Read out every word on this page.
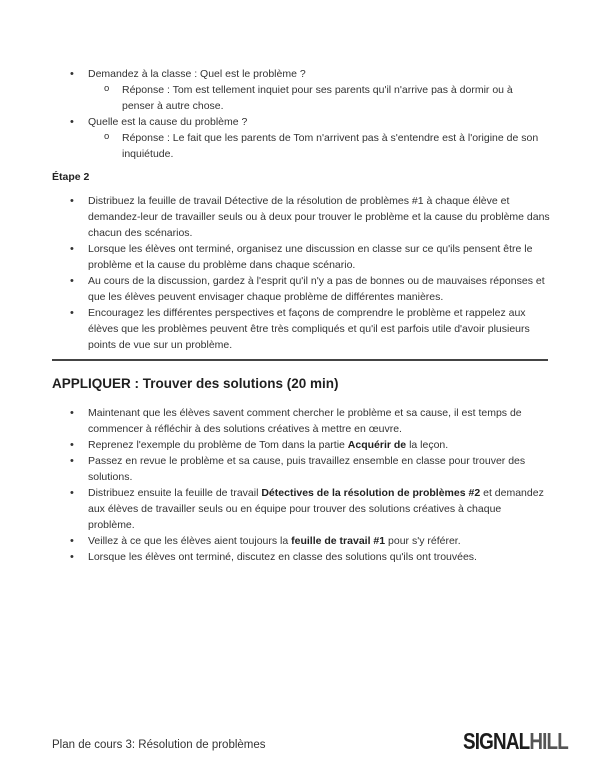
• Demandez à la classe : Quel est le problème ?
o Réponse : Tom est tellement inquiet pour ses parents qu'il n'arrive pas à dormir ou à penser à autre chose.
• Quelle est la cause du problème ?
o Réponse : Le fait que les parents de Tom n'arrivent pas à s'entendre est à l'origine de son inquiétude.
Étape 2
• Distribuez la feuille de travail Détective de la résolution de problèmes #1 à chaque élève et demandez-leur de travailler seuls ou à deux pour trouver le problème et la cause du problème dans chacun des scénarios.
• Lorsque les élèves ont terminé, organisez une discussion en classe sur ce qu'ils pensent être le problème et la cause du problème dans chaque scénario.
• Au cours de la discussion, gardez à l'esprit qu'il n'y a pas de bonnes ou de mauvaises réponses et que les élèves peuvent envisager chaque problème de différentes manières.
• Encouragez les différentes perspectives et façons de comprendre le problème et rappelez aux élèves que les problèmes peuvent être très compliqués et qu'il est parfois utile d'avoir plusieurs points de vue sur un problème.
APPLIQUER : Trouver des solutions (20 min)
• Maintenant que les élèves savent comment chercher le problème et sa cause, il est temps de commencer à réfléchir à des solutions créatives à mettre en œuvre.
• Reprenez l'exemple du problème de Tom dans la partie Acquérir de la leçon.
• Passez en revue le problème et sa cause, puis travaillez ensemble en classe pour trouver des solutions.
• Distribuez ensuite la feuille de travail Détectives de la résolution de problèmes #2 et demandez aux élèves de travailler seuls ou en équipe pour trouver des solutions créatives à chaque problème.
• Veillez à ce que les élèves aient toujours la feuille de travail #1 pour s'y référer.
• Lorsque les élèves ont terminé, discutez en classe des solutions qu'ils ont trouvées.
Plan de cours 3: Résolution de problèmes	SIGNALHILL
